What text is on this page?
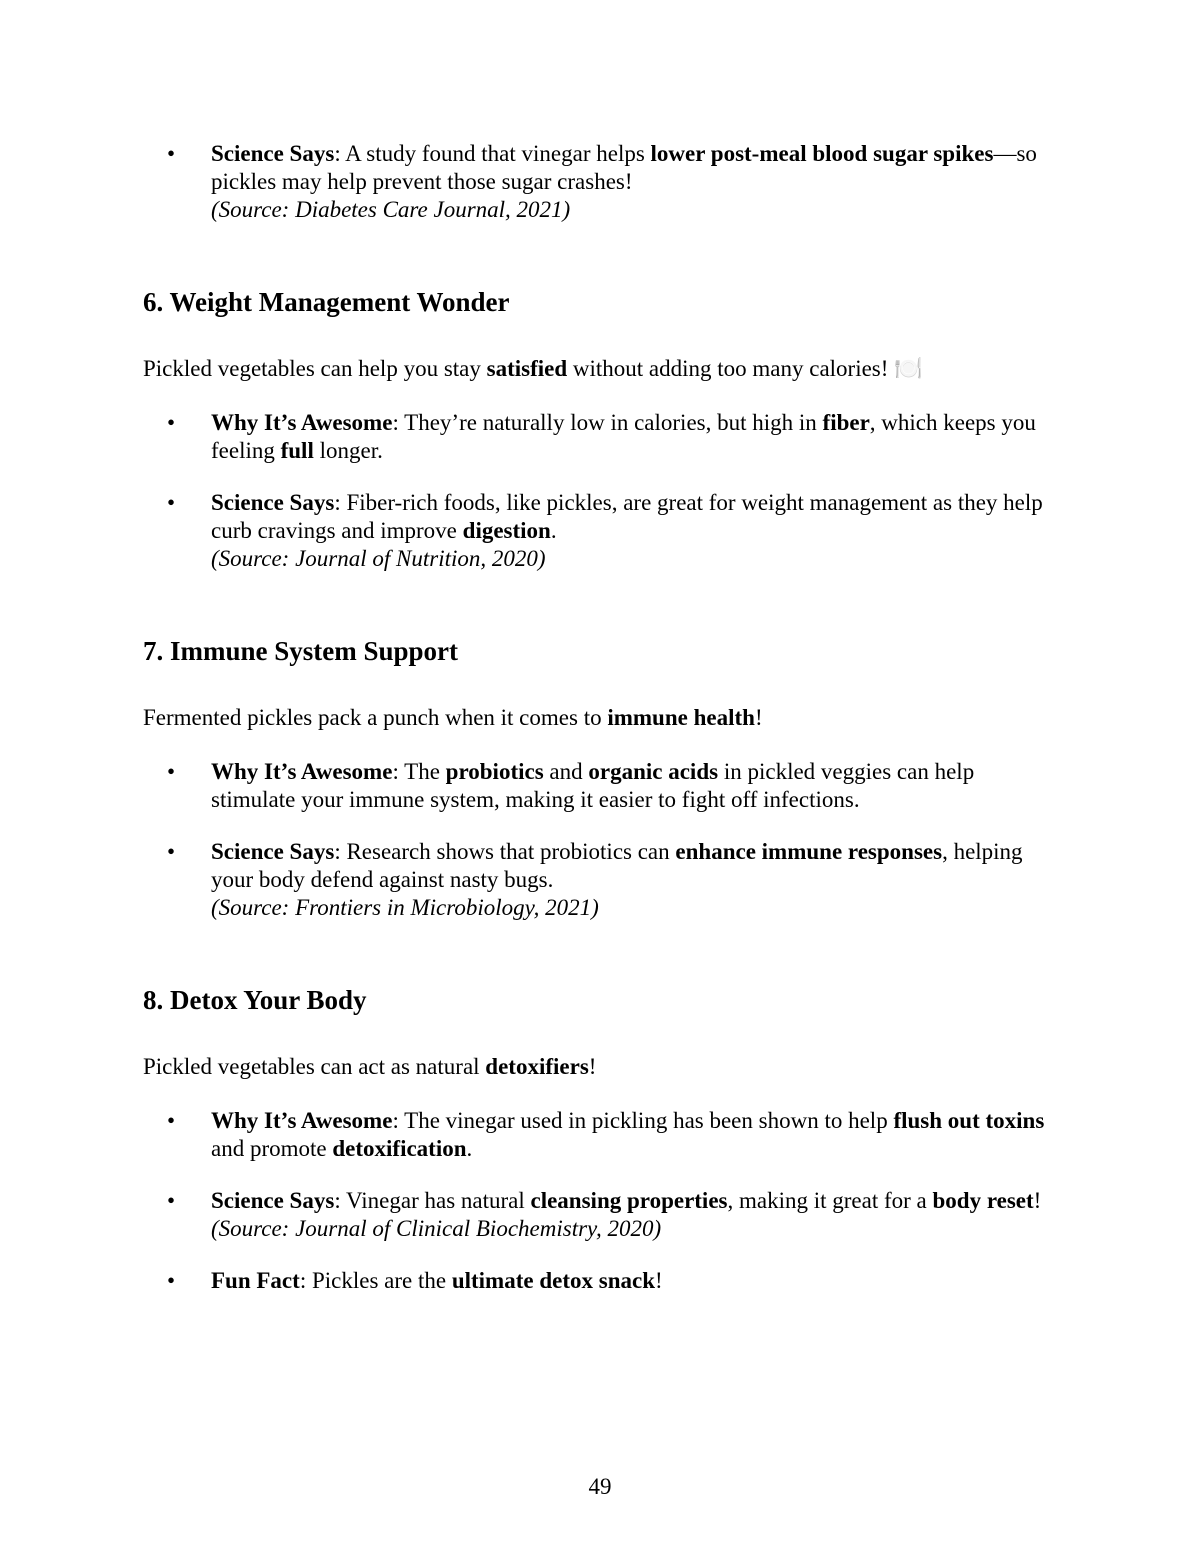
• Science Says: A study found that vinegar helps lower post-meal blood sugar spikes—so pickles may help prevent those sugar crashes!
(Source: Diabetes Care Journal, 2021)
6. Weight Management Wonder

Pickled vegetables can help you stay satisfied without adding too many calories! 🍽️

• Why It’s Awesome: They’re naturally low in calories, but high in fiber, which keeps you feeling full longer.
• Science Says: Fiber-rich foods, like pickles, are great for weight management as they help curb cravings and improve digestion.
(Source: Journal of Nutrition, 2020)
7. Immune System Support

Fermented pickles pack a punch when it comes to immune health!

• Why It’s Awesome: The probiotics and organic acids in pickled veggies can help stimulate your immune system, making it easier to fight off infections.
• Science Says: Research shows that probiotics can enhance immune responses, helping your body defend against nasty bugs.
(Source: Frontiers in Microbiology, 2021)
8. Detox Your Body

Pickled vegetables can act as natural detoxifiers!

• Why It’s Awesome: The vinegar used in pickling has been shown to help flush out toxins and promote detoxification.
• Science Says: Vinegar has natural cleansing properties, making it great for a body reset!
(Source: Journal of Clinical Biochemistry, 2020)
• Fun Fact: Pickles are the ultimate detox snack!
49
